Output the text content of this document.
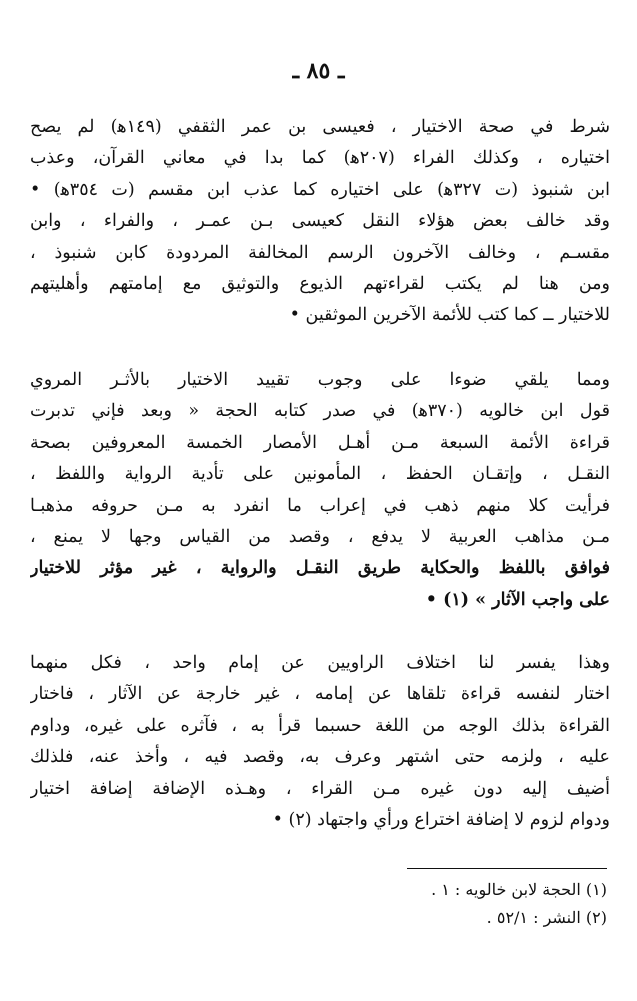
ـ ٨٥ ـ
شرط في صحة الاختيار ، فعيسى بن عمر الثقفي (١٤٩ﻫ) لم يصح
اختياره ، وكذلك الفراء (٢٠٧ﻫ) كما بدا في معاني القرآن، وعذب
ابن شنبوذ (ت ٣٢٧ﻫ) على اختياره كما عذب ابن مقسم (ت ٣٥٤ﻫ) •
وقد خالف بعض هؤلاء النقل كعيسى بـن عمـر ، والفراء ، وابن
مقسـم ، وخالف الآخرون الرسم المخالفة المردودة كابن شنبوذ ،
ومن هنا لم يكتب لقراءتهم الذيوع والتوثيق مع إمامتهم وأهليتهم
للاختيار ــ كما كتب للأئمة الآخرين الموثقين •
ومما يلقي ضوءا على وجوب تقييد الاختيار بالأثـر المروي
قول ابن خالويه (٣٧٠ﻫ) في صدر كتابه الحجة « وبعد فإني تدبرت
قراءة الأئمة السبعة مـن أهـل الأمصار الخمسة المعروفين بصحة
النقـل ، وإتقـان الحفظ ، المأمونين على تأدية الرواية واللفظ ،
فرأيت كلا منهم ذهب في إعراب ما انفرد به مـن حروفه مذهبـا
مـن مذاهب العربية لا يدفع ، وقصد من القياس وجها لا يمنع ،
فوافق باللفظ والحكاية طريق النقـل والرواية ، غير مؤثر للاختيار
على واجب الآثار » (١) •
وهذا يفسر لنا اختلاف الراويين عن إمام واحد ، فكل منهما
اختار لنفسه قراءة تلقاها عن إمامه ، غير خارجة عن الآثار ، فاختار
القراءة بذلك الوجه من اللغة حسبما قرأ به ، فآثره على غيره، وداوم
عليه ، ولزمه حتى اشتهر وعرف به، وقصد فيه ، وأخذ عنه، فلذلك
أضيف إليه دون غيره مـن القراء ، وهـذه الإضافة إضافة اختيار
ودوام لزوم لا إضافة اختراع ورأي واجتهاد (٢) •
(١) الحجة لابن خالويه : ١ .
(٢) النشر : ٥٢/١ .
